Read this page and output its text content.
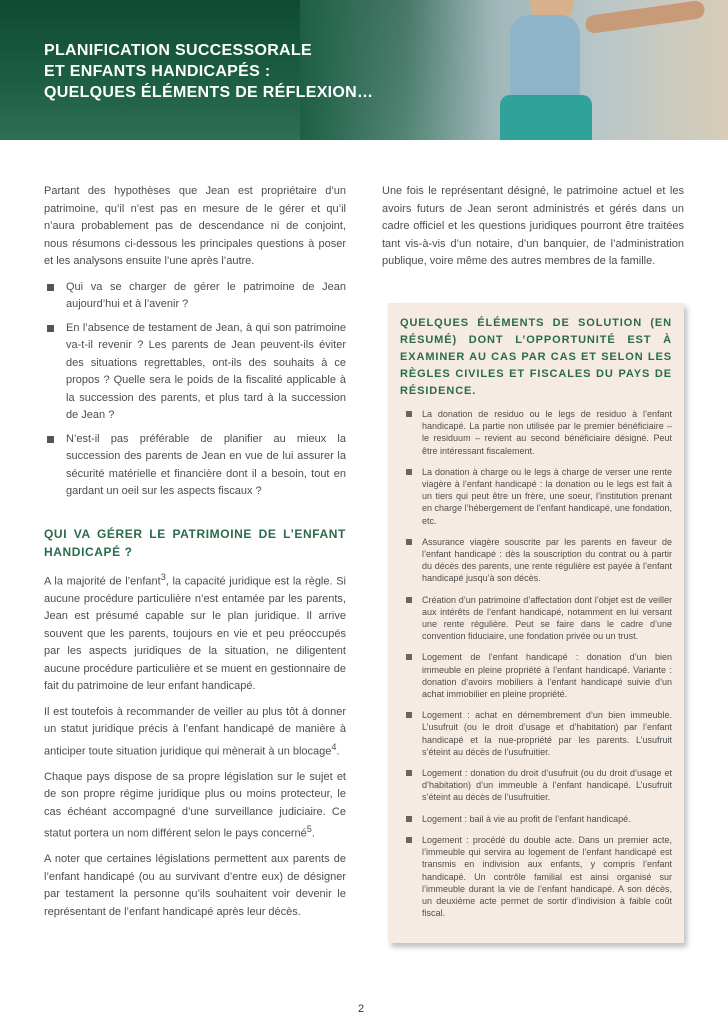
PLANIFICATION SUCCESSORALE
ET ENFANTS HANDICAPÉS :
QUELQUES ÉLÉMENTS DE RÉFLEXION…

Partant des hypothèses que Jean est propriétaire d’un patrimoine, qu’il n’est pas en mesure de le gérer et qu’il n’aura probablement pas de descendance ni de conjoint, nous résumons ci-dessous les principales questions à poser et les analysons ensuite l’une après l’autre.

Qui va se charger de gérer le patrimoine de Jean aujourd’hui et à l’avenir ?
En l’absence de testament de Jean, à qui son patrimoine va-t-il revenir ? Les parents de Jean peuvent-ils éviter des situations regrettables, ont-ils des souhaits à ce propos ? Quelle sera le poids de la fiscalité applicable à la succession des parents, et plus tard à la succession de Jean ?
N’est-il pas préférable de planifier au mieux la succession des parents de Jean en vue de lui assurer la sécurité matérielle et financière dont il a besoin, tout en gardant un oeil sur les aspects fiscaux ?
QUI VA GÉRER LE PATRIMOINE DE L’ENFANT HANDICAPÉ ?

A la majorité de l’enfant$^3$, la capacité juridique est la règle. Si aucune procédure particulière n’est entamée par les parents, Jean est présumé capable sur le plan juridique. Il arrive souvent que les parents, toujours en vie et peu préoccupés par les aspects juridiques de la situation, ne diligentent aucune procédure particulière et se muent en gestionnaire de fait du patrimoine de leur enfant handicapé.

Il est toutefois à recommander de veiller au plus tôt à donner un statut juridique précis à l’enfant handicapé de manière à anticiper toute situation juridique qui mènerait à un blocage$^4$.

Chaque pays dispose de sa propre législation sur le sujet et de son propre régime juridique plus ou moins protecteur, le cas échéant accompagné d’une surveillance judiciaire. Ce statut portera un nom différent selon le pays concerné$^5$.

A noter que certaines législations permettent aux parents de l’enfant handicapé (ou au survivant d’entre eux) de désigner par testament la personne qu’ils souhaitent voir devenir le représentant de l’enfant handicapé après leur décès.

Une fois le représentant désigné, le patrimoine actuel et les avoirs futurs de Jean seront administrés et gérés dans un cadre officiel et les questions juridiques pourront être traitées tant vis-à-vis d’un notaire, d’un banquier, de l’administration publique, voire même des autres membres de la famille.

QUELQUES ÉLÉMENTS DE SOLUTION (EN RÉSUMÉ) DONT L’OPPORTUNITÉ EST À EXAMINER AU CAS PAR CAS ET SELON LES RÈGLES CIVILES ET FISCALES DU PAYS DE RÉSIDENCE.
La donation de residuo ou le legs de residuo à l’enfant handicapé. La partie non utilisée par le premier bénéficiaire – le residuum – revient au second bénéficiaire désigné. Peut être intéressant fiscalement.
La donation à charge ou le legs à charge de verser une rente viagère à l’enfant handicapé : la donation ou le legs est fait à un tiers qui peut être un frère, une soeur, l’institution prenant en charge l’hébergement de l’enfant handicapé, une fondation, etc.
Assurance viagère souscrite par les parents en faveur de l’enfant handicapé : dès la souscription du contrat ou à partir du décès des parents, une rente régulière est payée à l’enfant handicapé jusqu’à son décès.
Création d’un patrimoine d’affectation dont l’objet est de veiller aux intérêts de l’enfant handicapé, notamment en lui versant une rente régulière. Peut se faire dans le cadre d’une convention fiduciaire, une fondation privée ou un trust.
Logement de l’enfant handicapé : donation d’un bien immeuble en pleine propriété à l’enfant handicapé. Variante : donation d’avoirs mobiliers à l’enfant handicapé suivie d’un achat immobilier en pleine propriété.
Logement : achat en démembrement d’un bien immeuble. L’usufruit (ou le droit d’usage et d’habitation) par l’enfant handicapé et la nue-propriété par les parents. L’usufruit s’éteint au décès de l’usufruitier.
Logement : donation du droit d’usufruit (ou du droit d’usage et d’habitation) d’un immeuble à l’enfant handicapé. L’usufruit s’éteint au décès de l’usufruitier.
Logement : bail à vie au profit de l’enfant handicapé.
Logement : procédé du double acte. Dans un premier acte, l’immeuble qui servira au logement de l’enfant handicapé est transmis en indivision aux enfants, y compris l’enfant handicapé. Un contrôle familial est ainsi organisé sur l’immeuble durant la vie de l’enfant handicapé. A son décès, un deuxième acte permet de sortir d’indivision à faible coût fiscal.
2
